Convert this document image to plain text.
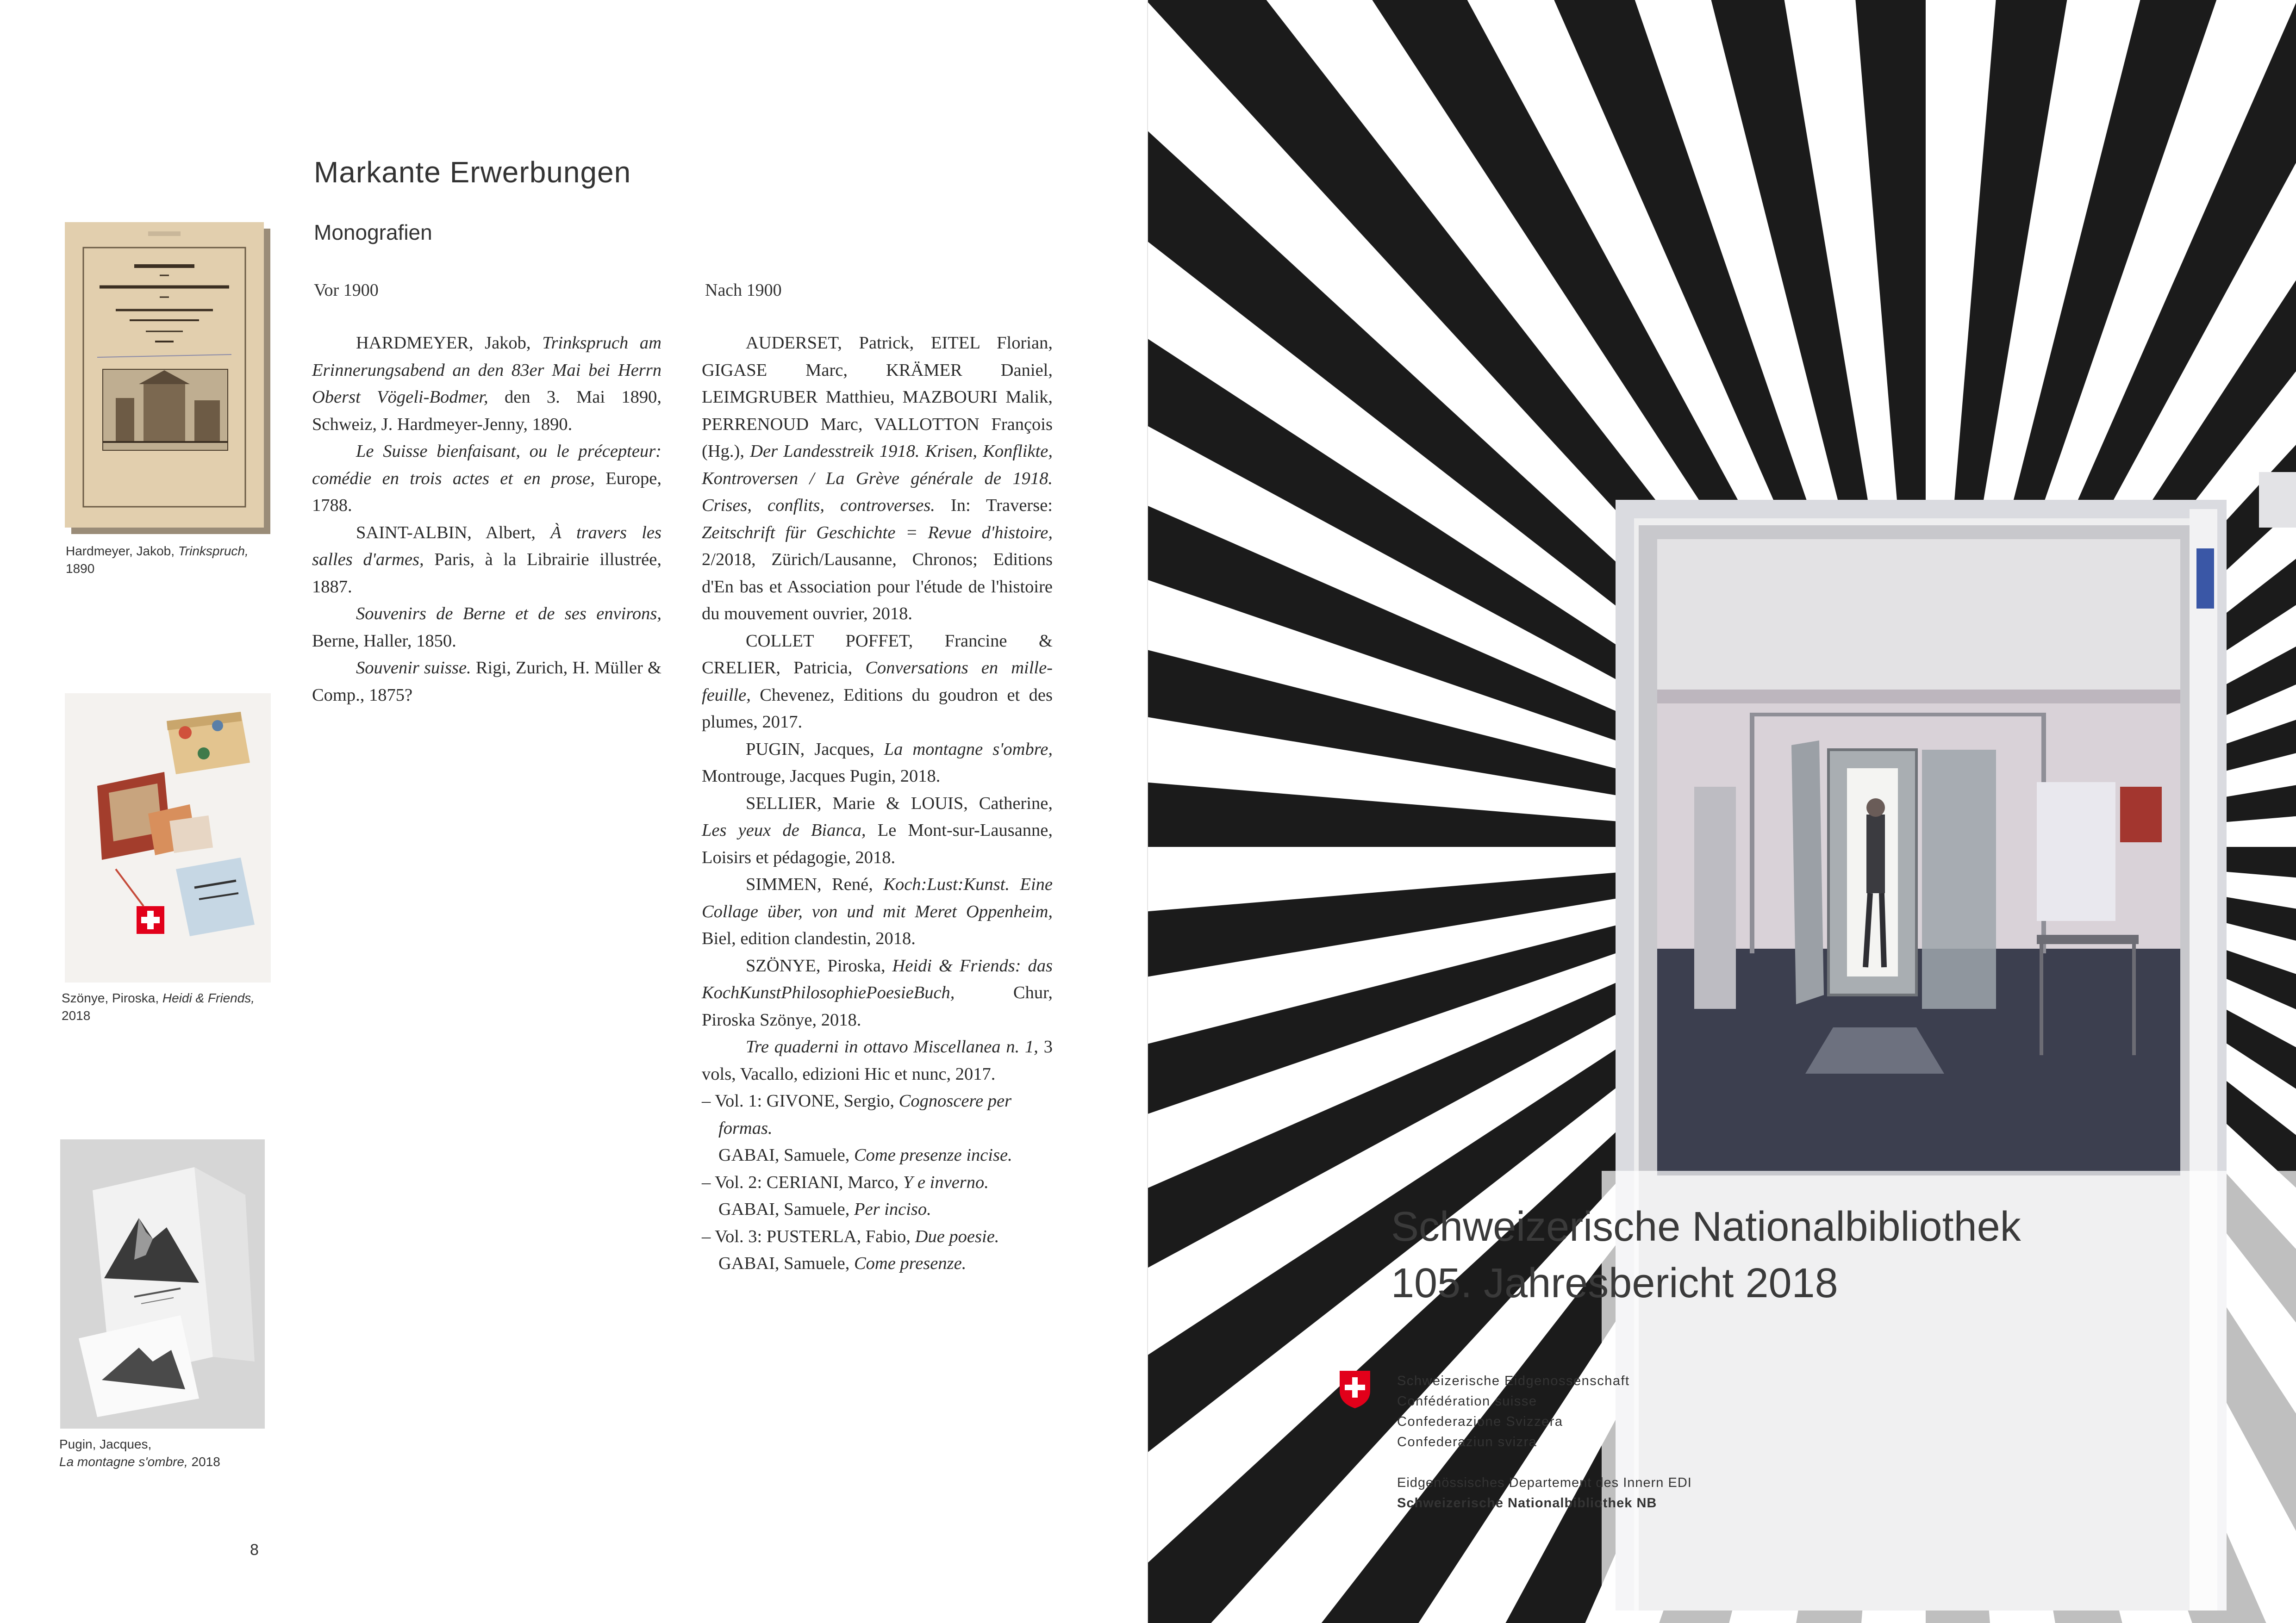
Markante Erwerbungen
Monografien
Vor 1900	Nach 1900

HARDMEYER, Jakob, Trinkspruch am Erinnerungsabend an den 83er Mai bei Herrn Oberst Vögeli-Bodmer, den 3. Mai 1890, Schweiz, J. Hardmeyer-Jenny, 1890.

Le Suisse bienfaisant, ou le précepteur: comédie en trois actes et en prose, Europe, 1788.

SAINT-ALBIN, Albert, À travers les salles d'armes, Paris, à la Librairie illustrée, 1887.

Souvenirs de Berne et de ses environs, Berne, Haller, 1850.

Souvenir suisse. Rigi, Zurich, H. Müller & Comp., 1875?

AUDERSET, Patrick, EITEL Florian, GIGASE Marc, KRÄMER Daniel, LEIMGRUBER Matthieu, MAZBOURI Malik, PERRENOUD Marc, VALLOTTON François (Hg.), Der Landesstreik 1918. Krisen, Konflikte, Kontroversen / La Grève générale de 1918. Crises, conflits, controverses. In: Traverse: Zeitschrift für Geschichte = Revue d'histoire, 2/2018, Zürich/Lausanne, Chronos; Editions d'En bas et Association pour l'étude de l'histoire du mouvement ouvrier, 2018.

COLLET POFFET, Francine & CRELIER, Patricia, Conversations en mille-feuille, Chevenez, Editions du goudron et des plumes, 2017.

PUGIN, Jacques, La montagne s'ombre, Montrouge, Jacques Pugin, 2018.

SELLIER, Marie & LOUIS, Catherine, Les yeux de Bianca, Le Mont-sur-Lausanne, Loisirs et pédagogie, 2018.

SIMMEN, René, Koch:Lust:Kunst. Eine Collage über, von und mit Meret Oppenheim, Biel, edition clandestin, 2018.

SZÖNYE, Piroska, Heidi & Friends: das KochKunstPhilosophiePoesieBuch, Chur, Piroska Szönye, 2018.

Tre quaderni in ottavo Miscellanea n. 1, 3 vols, Vacallo, edizioni Hic et nunc, 2017.

– Vol. 1: GIVONE, Sergio, Cognoscere per formas.
GABAI, Samuele, Come presenze incise.

– Vol. 2: CERIANI, Marco, Y e inverno.
GABAI, Samuele, Per inciso.

– Vol. 3: PUSTERLA, Fabio, Due poesie.
GABAI, Samuele, Come presenze.

Hardmeyer, Jakob, Trinkspruch,
1890
Szönye, Piroska, Heidi & Friends,
2018
Pugin, Jacques,
La montagne s'ombre, 2018
8
Schweizerische Nationalbibliothek
105. Jahresbericht 2018
Schweizerische Eidgenossenschaft
Confédération suisse
Confederazione Svizzera
Confederaziun svizra
Eidgenössisches Departement des Innern EDI
Schweizerische Nationalbibliothek NB
